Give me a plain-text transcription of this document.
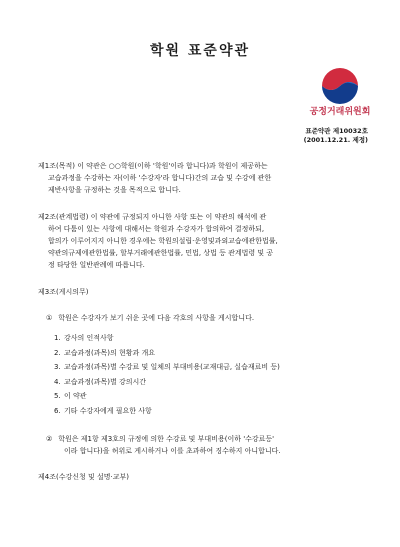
학원 표준약관
공정거래위원회
표준약관 제10032호
(2001.12.21. 제정)
제1조(목적) 이 약관은 ○○학원(이하 '학원'이라 합니다)과 학원이 제공하는
교습과정을 수강하는 자(이하 '수강자'라 합니다)간의 교습 및 수강에 관한
제반사항을 규정하는 것을 목적으로 합니다.
제2조(관계법령) 이 약관에 규정되지 아니한 사항 또는 이 약관의 해석에 관
하여 다툼이 있는 사항에 대해서는 학원과 수강자가 합의하여 결정하되,
합의가 이루어지지 아니한 경우에는 학원의설립·운영및과외교습에관한법률,
약관의규제에관한법률, 할부거래에관한법률, 민법, 상법 등 관계법령 및 공
정 타당한 일반관례에 따릅니다.
제3조(게시의무)
① 학원은 수강자가 보기 쉬운 곳에 다음 각호의 사항을 게시합니다.
1. 강사의 인적사항
2. 교습과정(과목)의 현황과 개요
3. 교습과정(과목)별 수강료 및 일체의 부대비용(교재대금, 실습재료비 등)
4. 교습과정(과목)별 강의시간
5. 이 약관
6. 기타 수강자에게 필요한 사항
② 학원은 제1항 제3호의 규정에 의한 수강료 및 부대비용(이하 '수강료등'
이라 합니다)을 허위로 게시하거나 이를 초과하여 징수하지 아니합니다.
제4조(수강신청 및 설명·교부)
